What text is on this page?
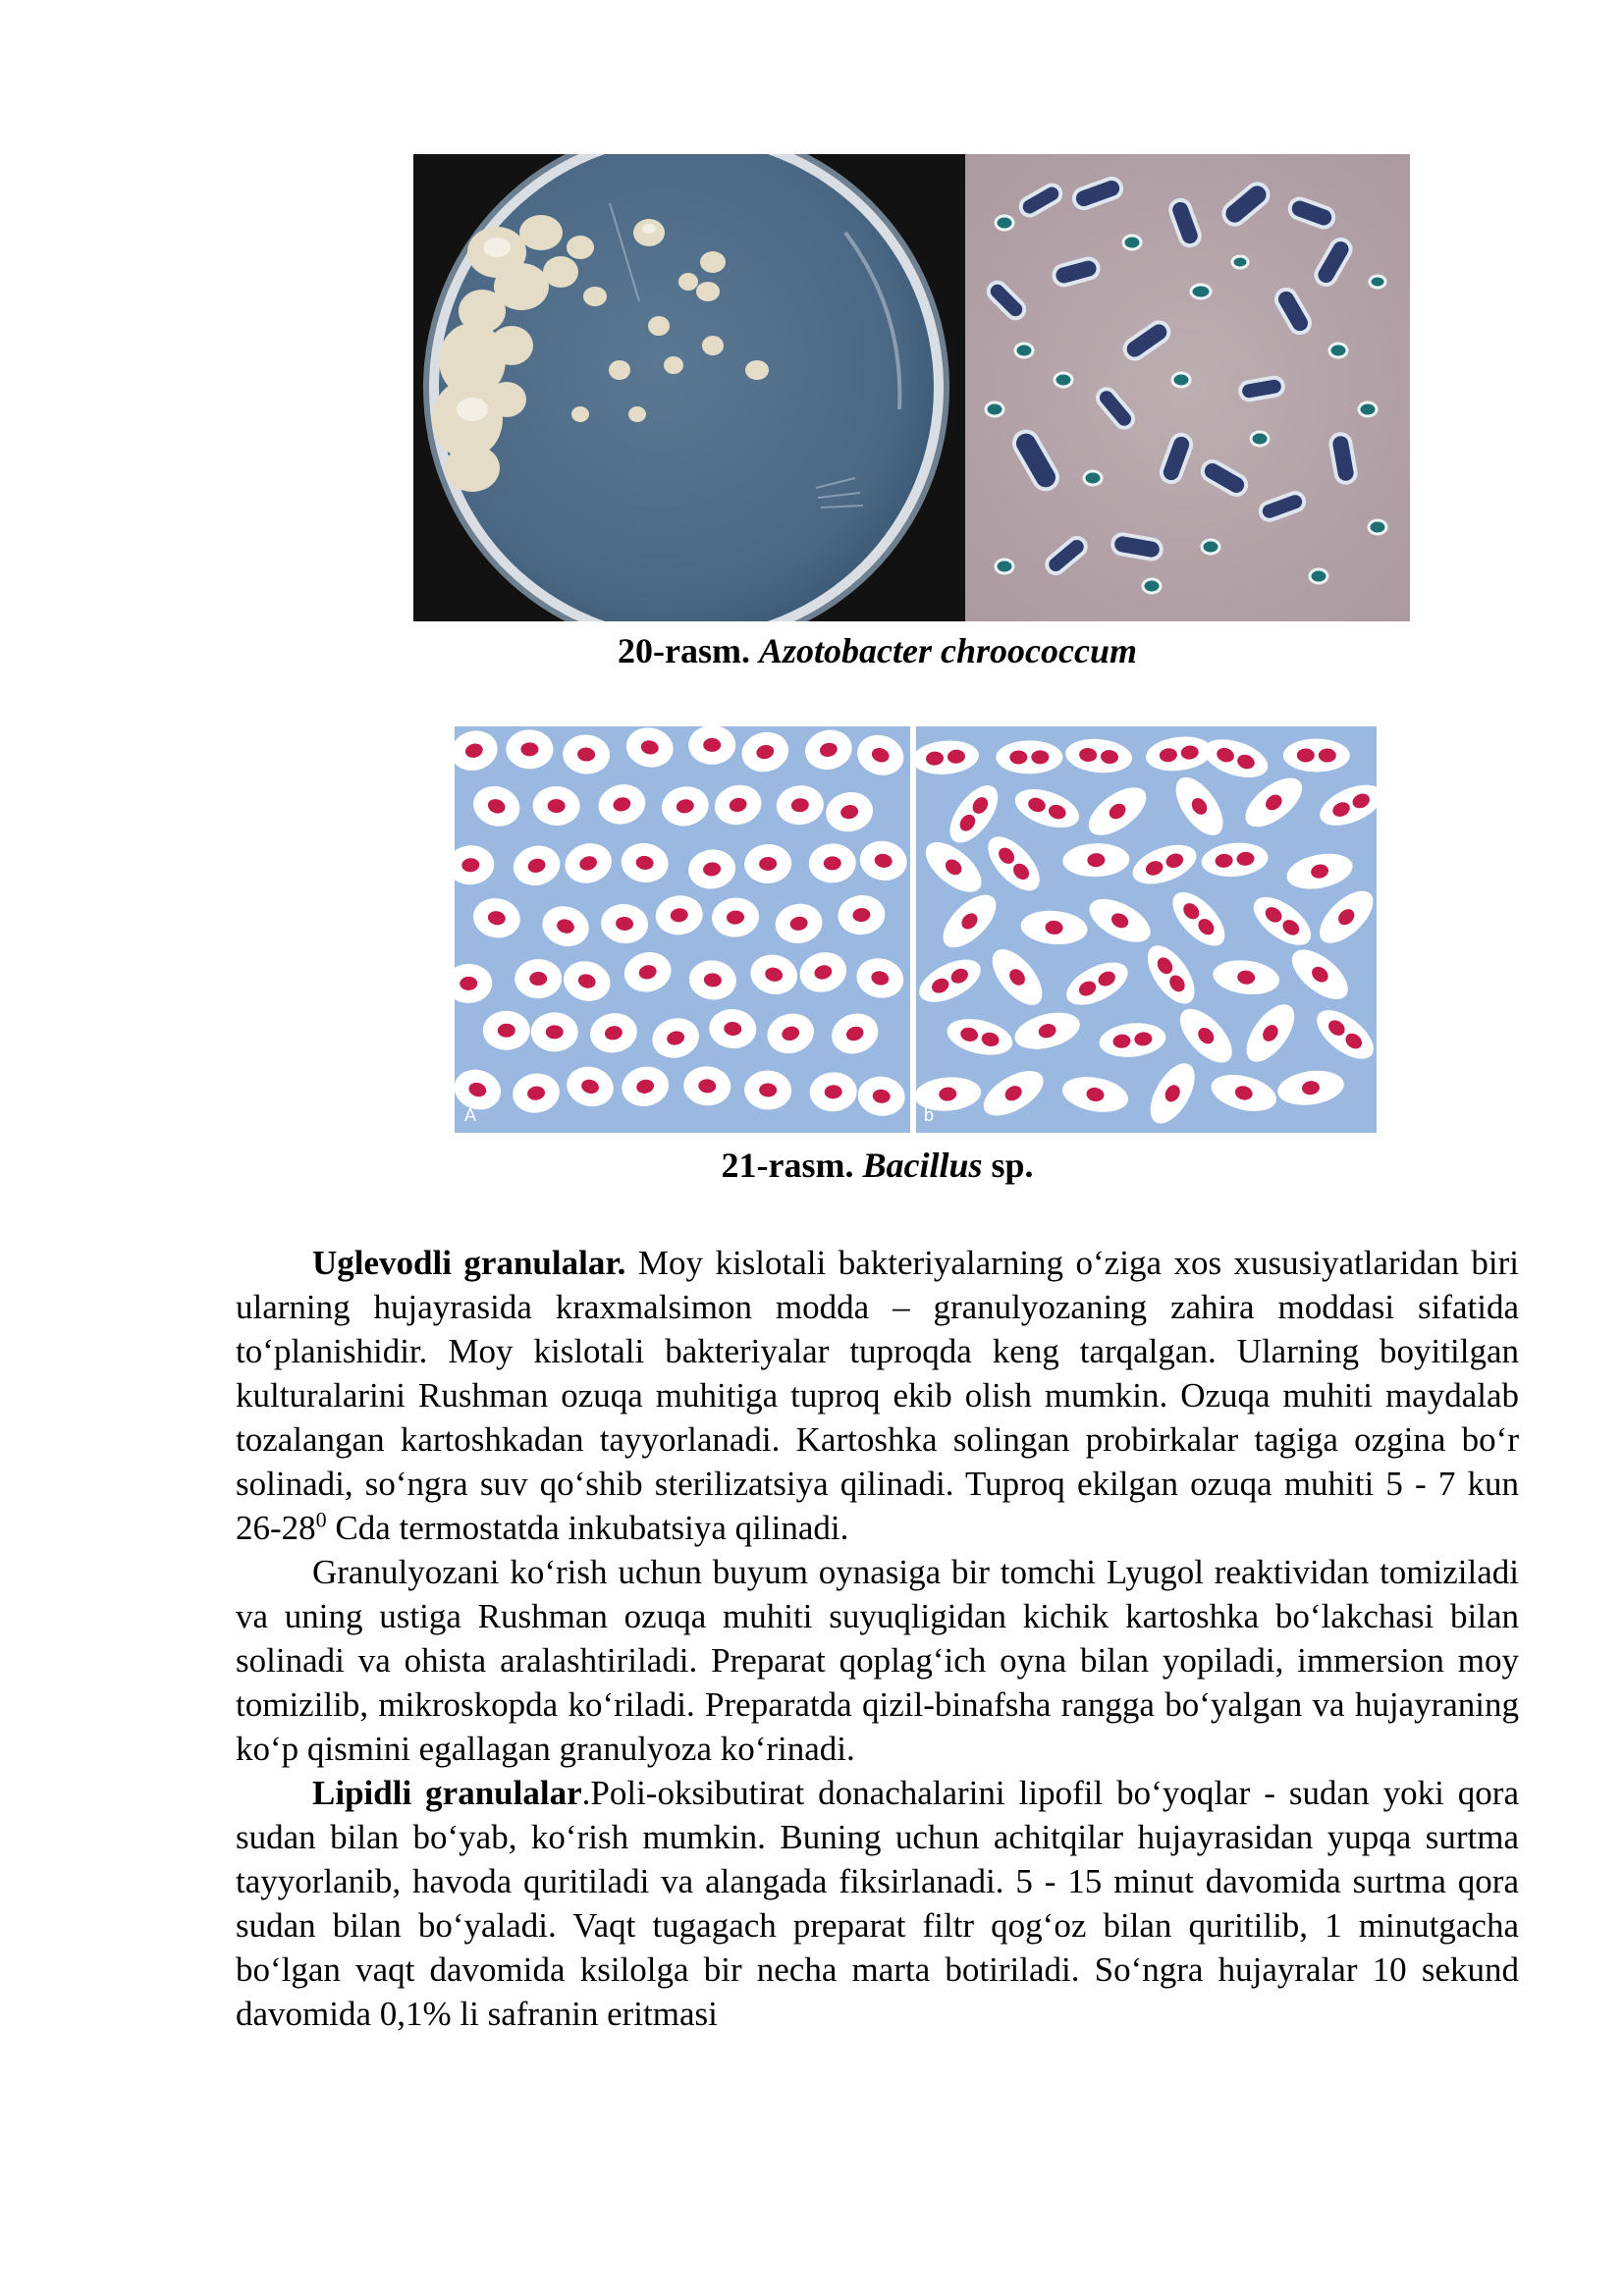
20-rasm. Azotobacter chroococcum
A	b
21-rasm. Bacillus sp.

Uglevodli granulalar. Moy kislotali bakteriyalarning o‘ziga xos xususiyatlaridan biri ularning hujayrasida kraxmalsimon modda – granulyozaning zahira moddasi sifatida to‘planishidir. Moy kislotali bakteriyalar tuproqda keng tarqalgan. Ularning boyitilgan kulturalarini Rushman ozuqa muhitiga tuproq ekib olish mumkin. Ozuqa muhiti maydalab tozalangan kartoshkadan tayyorlanadi. Kartoshka solingan probirkalar tagiga ozgina bo‘r solinadi, so‘ngra suv qo‘shib sterilizatsiya qilinadi. Tuproq ekilgan ozuqa muhiti 5 - 7 kun $26-28^0$ Cda termostatda inkubatsiya qilinadi.

Granulyozani ko‘rish uchun buyum oynasiga bir tomchi Lyugol reaktividan tomiziladi va uning ustiga Rushman ozuqa muhiti suyuqligidan kichik kartoshka bo‘lakchasi bilan solinadi va ohista aralashtiriladi. Preparat qoplag‘ich oyna bilan yopiladi, immersion moy tomizilib, mikroskopda ko‘riladi. Preparatda qizil-binafsha rangga bo‘yalgan va hujayraning ko‘p qismini egallagan granulyoza ko‘rinadi.

Lipidli granulalar.Poli-oksibutirat donachalarini lipofil bo‘yoqlar - sudan yoki qora sudan bilan bo‘yab, ko‘rish mumkin. Buning uchun achitqilar hujayrasidan yupqa surtma tayyorlanib, havoda quritiladi va alangada fiksirlanadi. 5 - 15 minut davomida surtma qora sudan bilan bo‘yaladi. Vaqt tugagach preparat filtr qog‘oz bilan quritilib, 1 minutgacha bo‘lgan vaqt davomida ksilolga bir necha marta botiriladi. So‘ngra hujayralar 10 sekund davomida 0,1% li safranin eritmasi
